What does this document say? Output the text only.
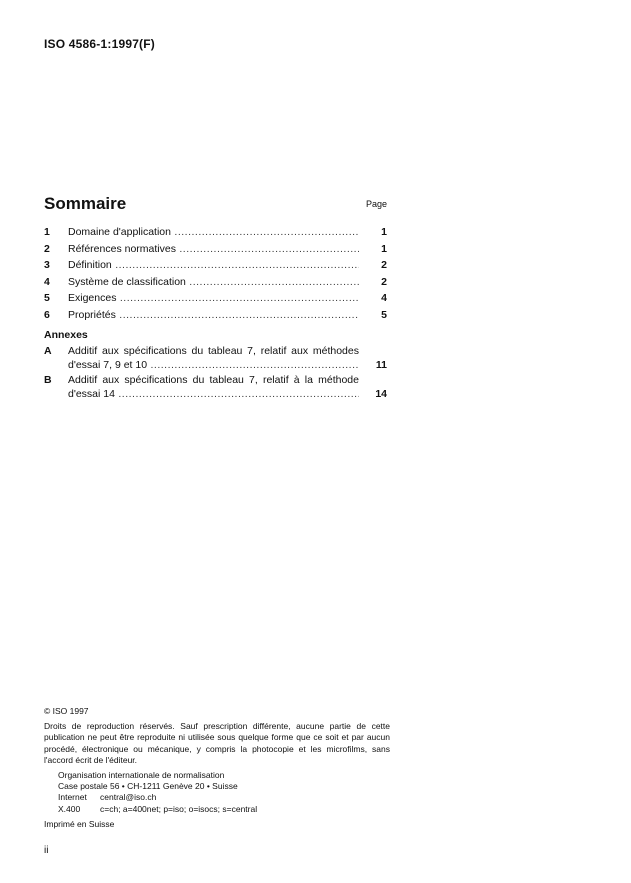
ISO 4586-1:1997(F)
Sommaire	Page
1	Domaine d'application .....	1
2	Références normatives .....	1
3	Définition .....	2
4	Système de classification .....	2
5	Exigences .....	4
6	Propriétés .....	5
Annexes
A	Additif aux spécifications du tableau 7, relatif aux méthodes
d'essai 7, 9 et 10 .....	11
B	Additif aux spécifications du tableau 7, relatif à la méthode
d'essai 14 .....	14
© ISO 1997
Droits de reproduction réservés. Sauf prescription différente, aucune partie de cette publication ne peut être reproduite ni utilisée sous quelque forme que ce soit et par aucun procédé, électronique ou mécanique, y compris la photocopie et les microfilms, sans l'accord écrit de l'éditeur.
Organisation internationale de normalisation
Case postale 56 • CH-1211 Genève 20 • Suisse
Internet	central@iso.ch
X.400	c=ch; a=400net; p=iso; o=isocs; s=central
Imprimé en Suisse
ii
